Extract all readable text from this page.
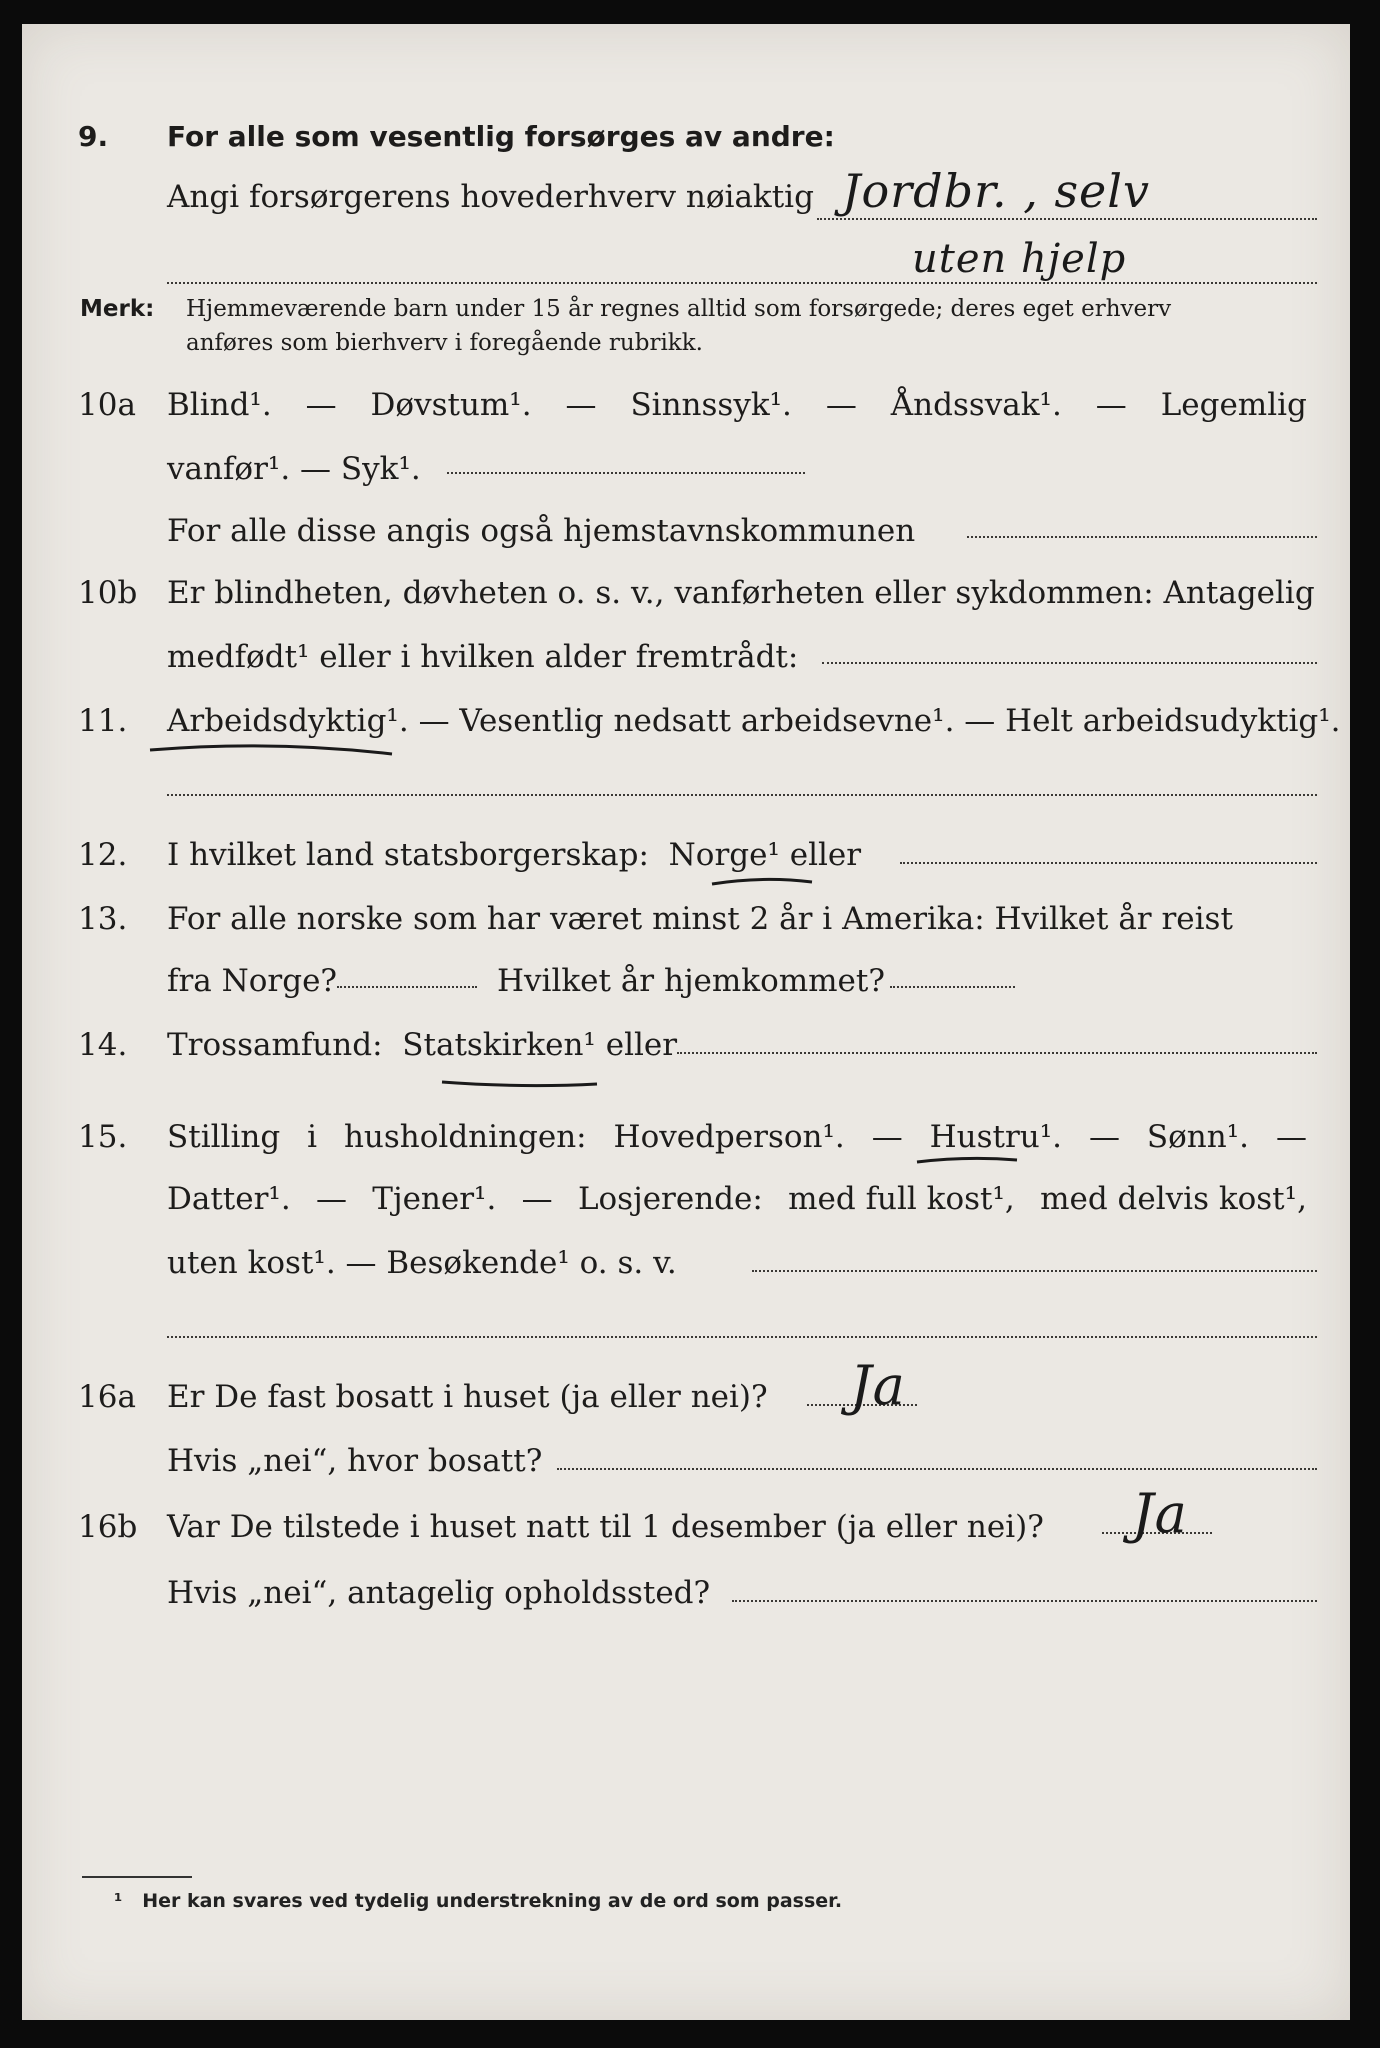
9. For alle som vesentlig forsørges av andre:
Angi forsørgerens hovederhverv nøiaktig Jordbr. , selv
uten hjelp
Merk: Hjemmeværende barn under 15 år regnes alltid som forsørgede; deres eget erhverv
anføres som bierhverv i foregående rubrikk.
10a Blind¹. — Døvstum¹. — Sinnssyk¹. — Åndssvak¹. — Legemlig
vanfør¹. — Syk¹.
For alle disse angis også hjemstavnskommunen
10b Er blindheten, døvheten o. s. v., vanførheten eller sykdommen: Antagelig
medfødt¹ eller i hvilken alder fremtrådt:
11. Arbeidsdyktig¹. — Vesentlig nedsatt arbeidsevne¹. — Helt arbeidsudyktig¹.
12. I hvilket land statsborgerskap: Norge¹ eller
13. For alle norske som har været minst 2 år i Amerika: Hvilket år reist
fra Norge?	Hvilket år hjemkommet?
14. Trossamfund: Statskirken¹ eller
15. Stilling i husholdningen: Hovedperson¹. — Hustru¹. — Sønn¹. —
Datter¹. — Tjener¹. — Losjerende: med full kost¹, med delvis kost¹,
uten kost¹. — Besøkende¹ o. s. v.
16a Er De fast bosatt i huset (ja eller nei)? Ja
Hvis „nei“, hvor bosatt?
16b Var De tilstede i huset natt til 1 desember (ja eller nei)? Ja
Hvis „nei“, antagelig opholdssted?
¹ Her kan svares ved tydelig understrekning av de ord som passer.
